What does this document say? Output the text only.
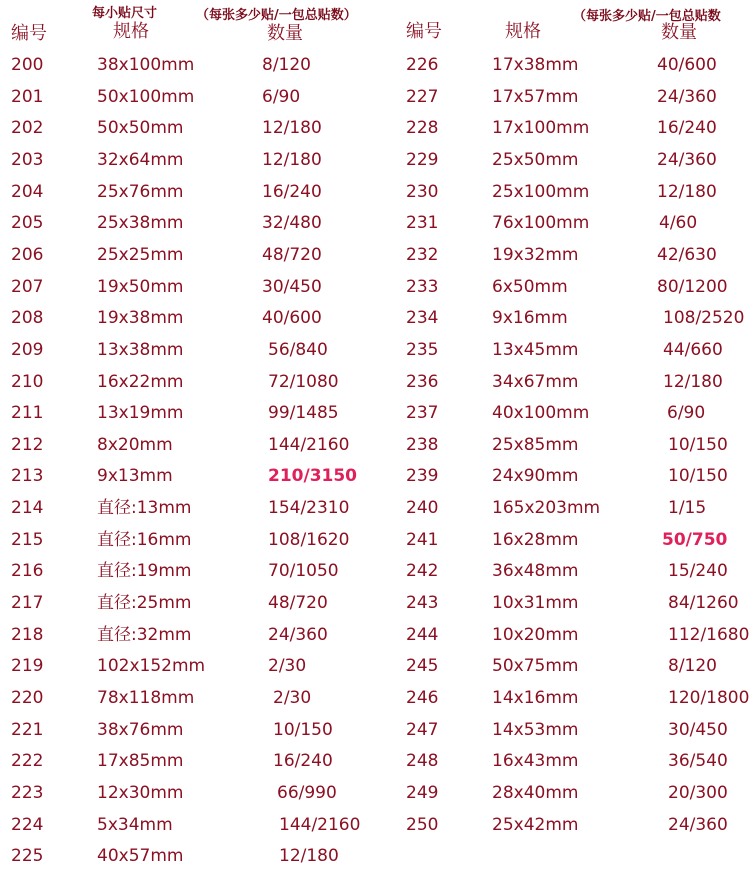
每小贴尺寸	（每张多少贴/一包总贴数）	（每张多少贴/一包总贴数
编号	规格	数量	编号	规格	数量
200	38x100mm	8/120
201	50x100mm	6/90
202	50x50mm	12/180
203	32x64mm	12/180
204	25x76mm	16/240
205	25x38mm	32/480
206	25x25mm	48/720
207	19x50mm	30/450
208	19x38mm	40/600
209	13x38mm	56/840
210	16x22mm	72/1080
211	13x19mm	99/1485
212	8x20mm	144/2160
213	9x13mm	210/3150
214	直径:13mm	154/2310
215	直径:16mm	108/1620
216	直径:19mm	70/1050
217	直径:25mm	48/720
218	直径:32mm	24/360
219	102x152mm	2/30
220	78x118mm	2/30
221	38x76mm	10/150
222	17x85mm	16/240
223	12x30mm	66/990
224	5x34mm	144/2160
225	40x57mm	12/180
226	17x38mm	40/600
227	17x57mm	24/360
228	17x100mm	16/240
229	25x50mm	24/360
230	25x100mm	12/180
231	76x100mm	4/60
232	19x32mm	42/630
233	6x50mm	80/1200
234	9x16mm	108/2520
235	13x45mm	44/660
236	34x67mm	12/180
237	40x100mm	6/90
238	25x85mm	10/150
239	24x90mm	10/150
240	165x203mm	1/15
241	16x28mm	50/750
242	36x48mm	15/240
243	10x31mm	84/1260
244	10x20mm	112/1680
245	50x75mm	8/120
246	14x16mm	120/1800
247	14x53mm	30/450
248	16x43mm	36/540
249	28x40mm	20/300
250	25x42mm	24/360
